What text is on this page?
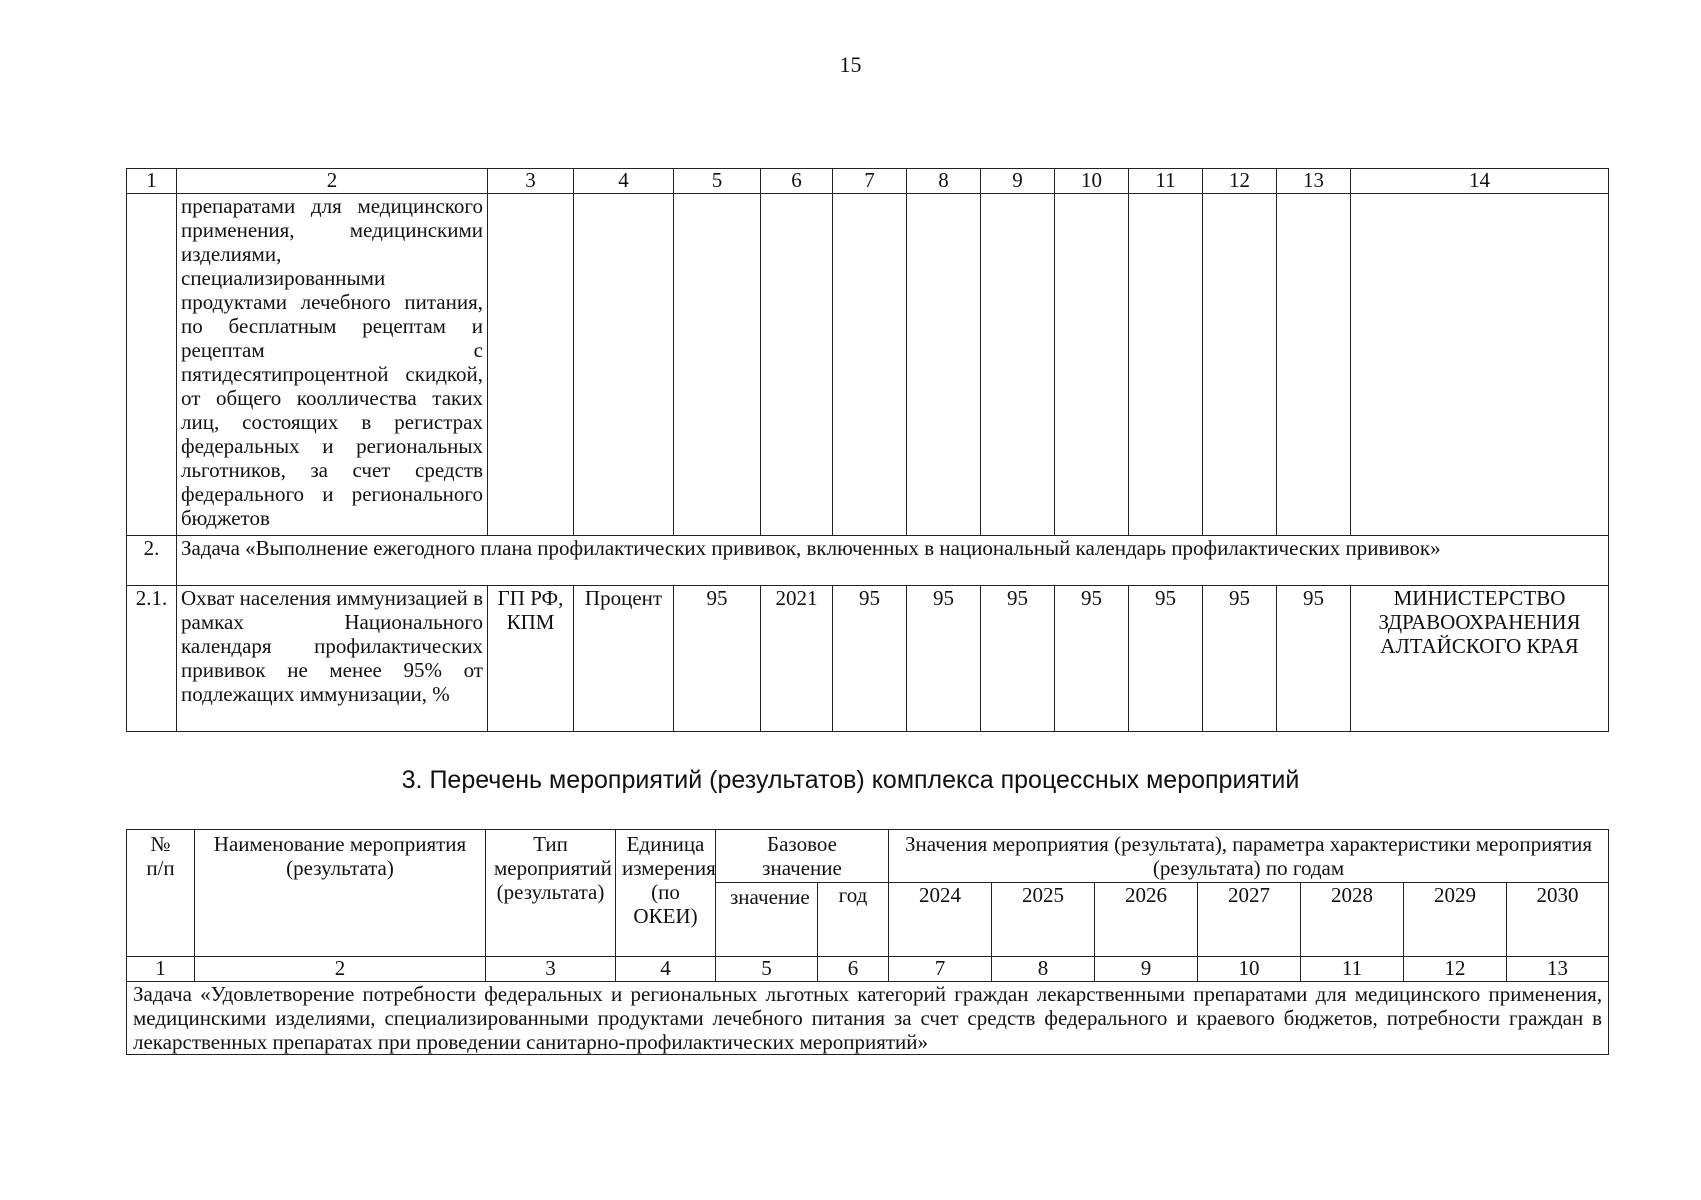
15
1	2	3	4	5	6	7	8	9	10	11	12	13	14
	препаратами для медицинского применения, медицинскими изделиями, специализированными продуктами лечебного питания, по бесплатным рецептам и рецептам с пятидесятипроцентной скидкой, от общего коолличества таких лиц, состоящих в регистрах федеральных и региональных льготников, за счет средств федерального и регионального бюджетов												
2.	Задача «Выполнение ежегодного плана профилактических прививок, включенных в национальный календарь профилактических прививок»												
2.1.	Охват населения иммунизацией в рамках Национального календаря профилактических прививок не менее 95% от подлежащих иммунизации, %	ГП РФ, КПМ	Процент	95	2021	95	95	95	95	95	95	95	МИНИСТЕРСТВО ЗДРАВООХРАНЕНИЯ АЛТАЙСКОГО КРАЯ
3. Перечень мероприятий (результатов) комплекса процессных мероприятий
№ п/п	Наименование мероприятия (результата)	Тип мероприятий (результата)	Единица измерения (по ОКЕИ)	Базовое значение		Значения мероприятия (результата), параметра характеристики мероприятия (результата) по годам						
				значение	год	2024	2025	2026	2027	2028	2029	2030
1	2	3	4	5	6	7	8	9	10	11	12	13
Задача «Удовлетворение потребности федеральных и региональных льготных категорий граждан лекарственными препаратами для медицинского применения, медицинскими изделиями, специализированными продуктами лечебного питания за счет средств федерального и краевого бюджетов, потребности граждан в лекарственных препаратах при проведении санитарно-профилактических мероприятий»												
